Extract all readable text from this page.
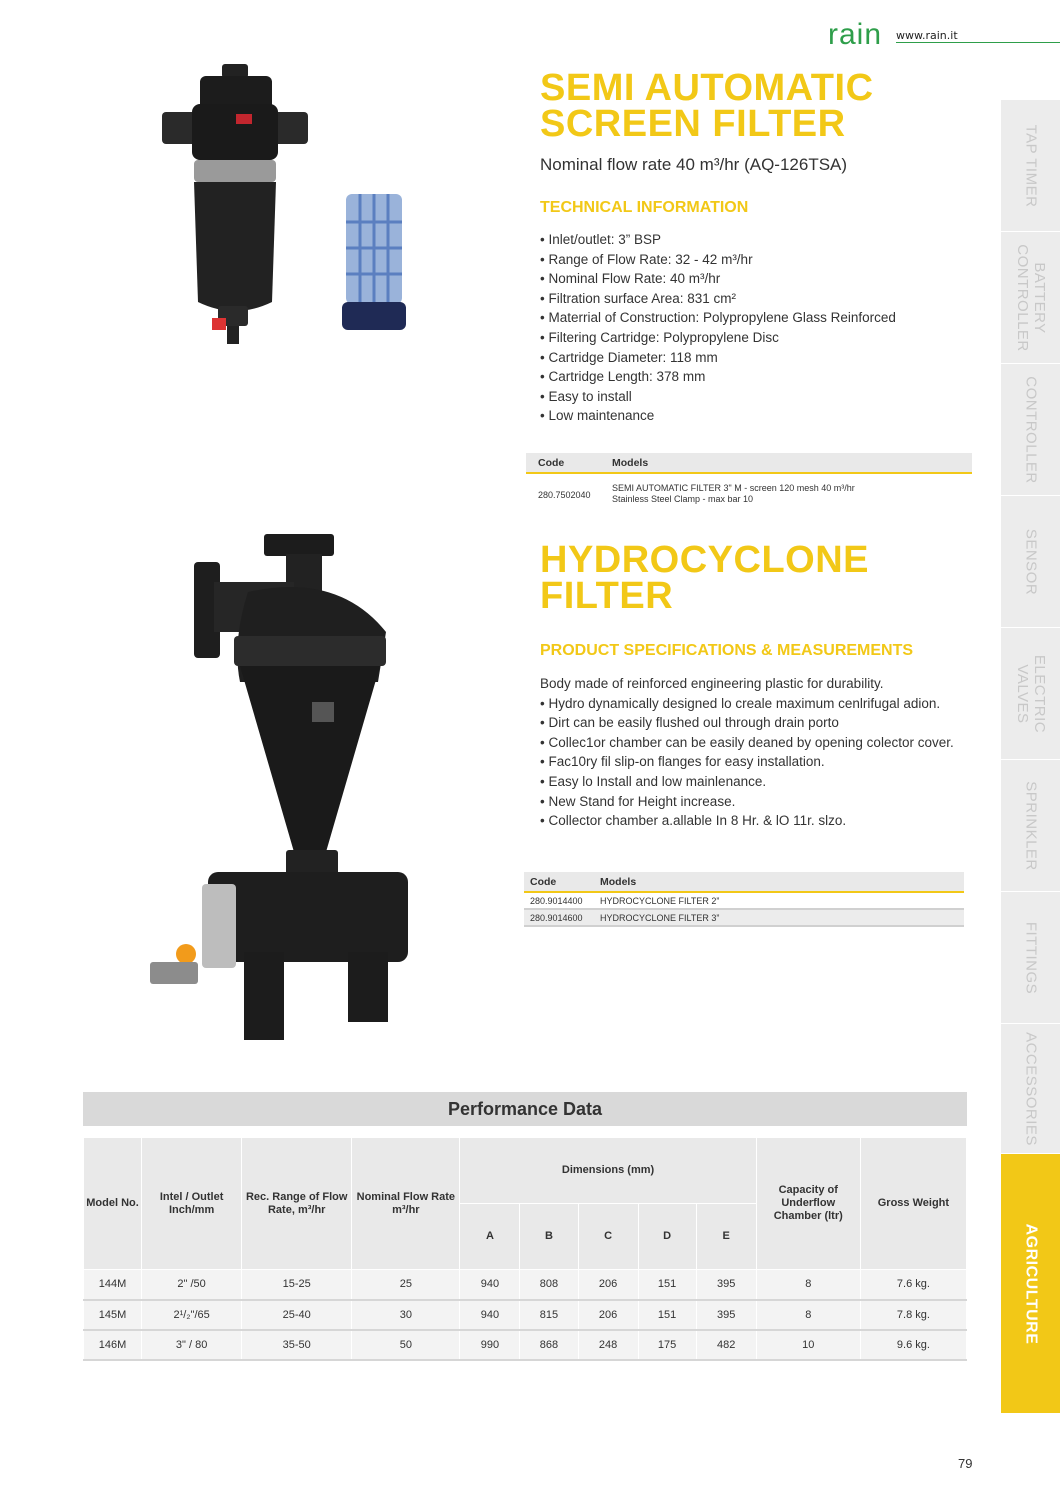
rain	www.rain.it
TAP TIMER
BATTERY CONTROLLER
CONTROLLER
SENSOR
ELECTRIC VALVES
SPRINKLER
FITTINGS
ACCESSORIES
AGRICULTURE
SEMI AUTOMATIC
SCREEN FILTER
Nominal flow rate 40 m³/hr (AQ-126TSA)
TECHNICAL INFORMATION
• Inlet/outlet: 3” BSP
• Range of Flow Rate: 32 - 42 m³/hr
• Nominal Flow Rate: 40 m³/hr
• Filtration surface Area: 831 cm²
• Materrial of Construction: Polypropylene Glass Reinforced
• Filtering Cartridge: Polypropylene Disc
• Cartridge Diameter: 118 mm
• Cartridge Length: 378 mm
• Easy to install
• Low maintenance
Code	Models
280.7502040	SEMI AUTOMATIC FILTER 3" M - screen 120 mesh 40 m³/hr
Stainless Steel Clamp - max bar 10
HYDROCYCLONE
FILTER
PRODUCT SPECIFICATIONS & MEASUREMENTS
Body made of reinforced engineering plastic for durability.
• Hydro dynamically designed lo creale maximum cenlrifugal adion.
• Dirt can be easily flushed oul through drain porto
• Collec1or chamber can be easily deaned by opening colector cover.
• Fac10ry fil slip-on flanges for easy installation.
• Easy lo Install and low mainlenance.
• New Stand for Height increase.
• Collector chamber a.allable In 8 Hr. & lO 11r. slzo.
Code	Models
280.9014400	HYDROCYCLONE FILTER 2”
280.9014600	HYDROCYCLONE FILTER 3”
Performance Data
Model No.	Intel / Outlet Inch/mm	Rec. Range of Flow Rate, m³/hr	Nominal Flow Rate m³/hr	Dimensions (mm)					Capacity of Underflow Chamber (ltr)	Gross Weight
				A	B	C	D	E		
144M	2" /50	15-25	25	940	808	206	151	395	8	7.6 kg.
145M	2¹/₂"/65	25-40	30	940	815	206	151	395	8	7.8 kg.
146M	3" / 80	35-50	50	990	868	248	175	482	10	9.6 kg.
79
